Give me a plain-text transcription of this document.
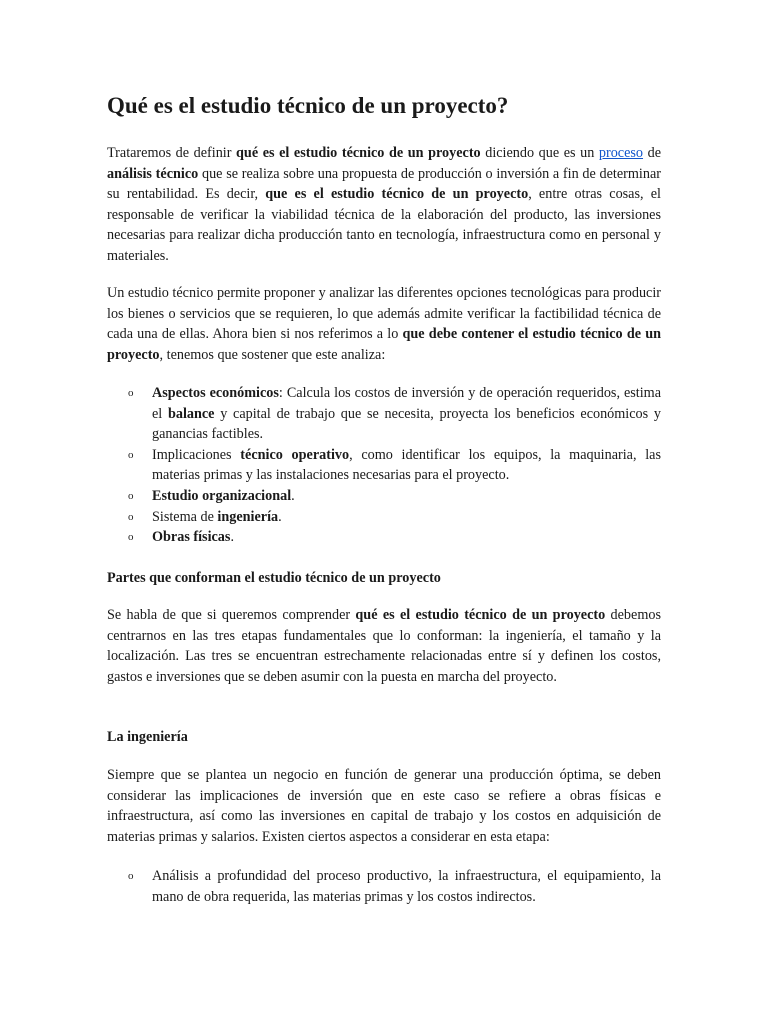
Qué es el estudio técnico de un proyecto?

Trataremos de definir qué es el estudio técnico de un proyecto diciendo que es un proceso de análisis técnico que se realiza sobre una propuesta de producción o inversión a fin de determinar su rentabilidad. Es decir, que es el estudio técnico de un proyecto, entre otras cosas, el responsable de verificar la viabilidad técnica de la elaboración del producto, las inversiones necesarias para realizar dicha producción tanto en tecnología, infraestructura como en personal y materiales.

Un estudio técnico permite proponer y analizar las diferentes opciones tecnológicas para producir los bienes o servicios que se requieren, lo que además admite verificar la factibilidad técnica de cada una de ellas. Ahora bien si nos referimos a lo que debe contener el estudio técnico de un proyecto, tenemos que sostener que este analiza:

o Aspectos económicos: Calcula los costos de inversión y de operación requeridos, estima el balance y capital de trabajo que se necesita, proyecta los beneficios económicos y ganancias factibles.
o Implicaciones técnico operativo, como identificar los equipos, la maquinaria, las materias primas y las instalaciones necesarias para el proyecto.
o Estudio organizacional.
o Sistema de ingeniería.
o Obras físicas.
Partes que conforman el estudio técnico de un proyecto

Se habla de que si queremos comprender qué es el estudio técnico de un proyecto debemos centrarnos en las tres etapas fundamentales que lo conforman: la ingeniería, el tamaño y la localización. Las tres se encuentran estrechamente relacionadas entre sí y definen los costos, gastos e inversiones que se deben asumir con la puesta en marcha del proyecto.

La ingeniería

Siempre que se plantea un negocio en función de generar una producción óptima, se deben considerar las implicaciones de inversión que en este caso se refiere a obras físicas e infraestructura, así como las inversiones en capital de trabajo y los costos en adquisición de materias primas y salarios. Existen ciertos aspectos a considerar en esta etapa:

o Análisis a profundidad del proceso productivo, la infraestructura, el equipamiento, la mano de obra requerida, las materias primas y los costos indirectos.
